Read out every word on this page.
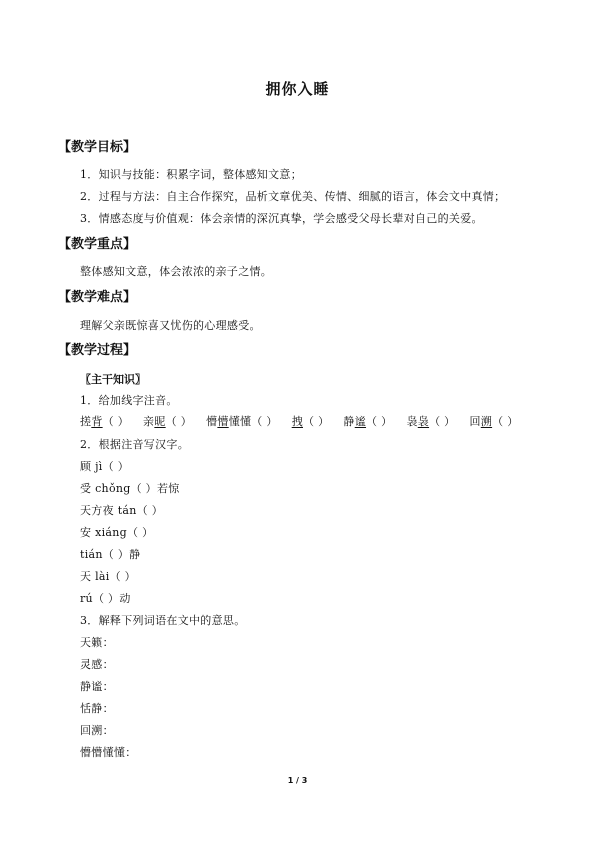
拥你入睡
【教学目标】
1．知识与技能：积累字词，整体感知文意；
2．过程与方法：自主合作探究，品析文章优美、传情、细腻的语言，体会文中真情；
3．情感态度与价值观：体会亲情的深沉真挚，学会感受父母长辈对自己的关爱。
【教学重点】
整体感知文意，体会浓浓的亲子之情。
【教学难点】
理解父亲既惊喜又忧伤的心理感受。
【教学过程】
〖主干知识〗
1．给加线字注音。
搓背（ ） 亲昵（ ） 懵懵懂懂（ ） 拽（ ） 静谧（ ） 袅袅（ ） 回溯（ ）
2．根据注音写汉字。
顾 jì（ ）
受 chǒng（ ）若惊
天方夜 tán（ ）
安 xiáng（ ）
tián（ ）静
天 lài（ ）
rú（ ）动
3．解释下列词语在文中的意思。
天籁：
灵感：
静谧：
恬静：
回溯：
懵懵懂懂：
1 / 3
